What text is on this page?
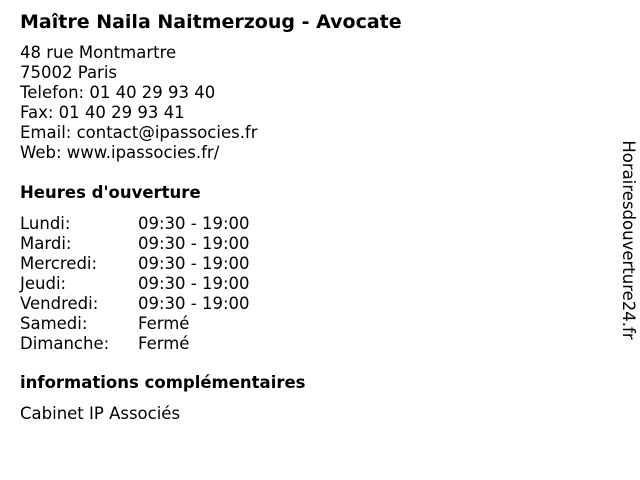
Maître Naila Naitmerzoug - Avocate
48 rue Montmartre
75002 Paris
Telefon: 01 40 29 93 40
Fax: 01 40 29 93 41
Email: contact@ipassocies.fr
Web: www.ipassocies.fr/
Heures d'ouverture
Lundi:	09:30 - 19:00
Mardi:	09:30 - 19:00
Mercredi:	09:30 - 19:00
Jeudi:	09:30 - 19:00
Vendredi:	09:30 - 19:00
Samedi:	Fermé
Dimanche:	Fermé
informations complémentaires
Cabinet IP Associés
Horairesdouverture24.fr
